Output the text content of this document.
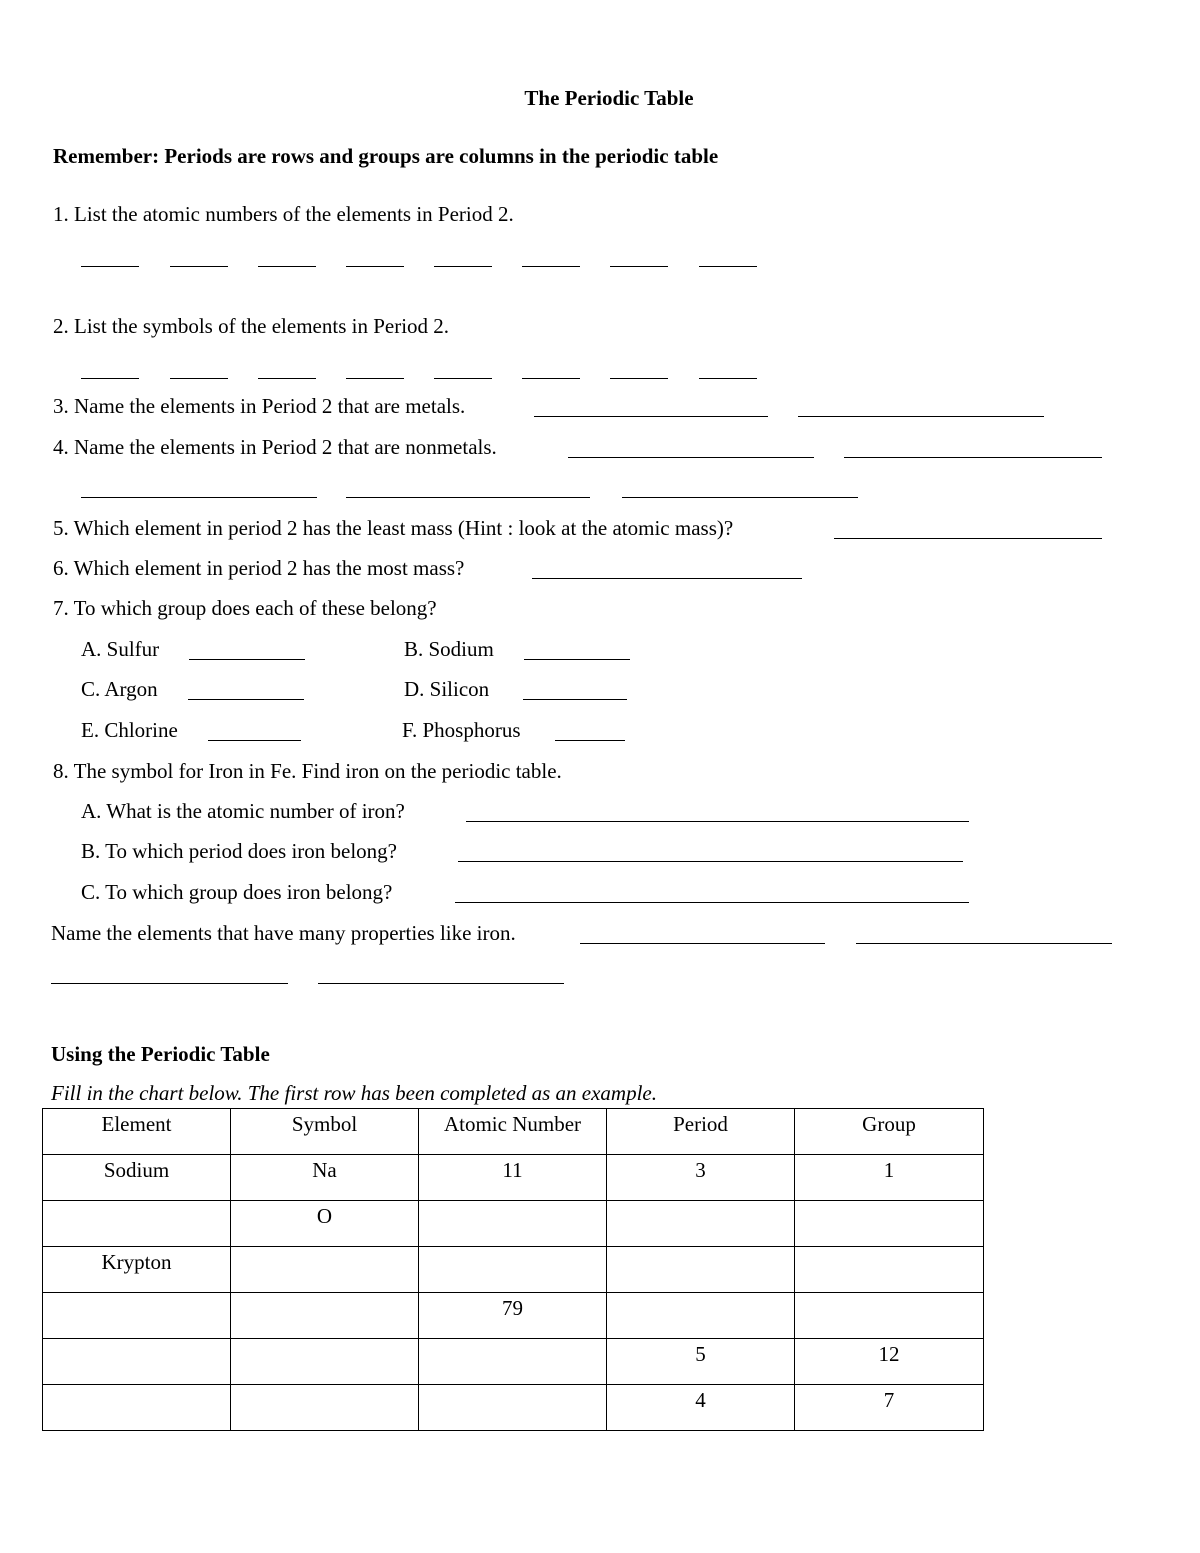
The Periodic Table
Remember: Periods are rows and groups are columns in the periodic table
1. List the atomic numbers of the elements in Period 2.
2. List the symbols of the elements in Period 2.
3. Name the elements in Period 2 that are metals.
4. Name the elements in Period 2 that are nonmetals.
5. Which element in period 2 has the least mass (Hint : look at the atomic mass)?
6. Which element in period 2 has the most mass?
7. To which group does each of these belong?
A. Sulfur	B. Sodium
C. Argon	D. Silicon
E. Chlorine	F. Phosphorus
8. The symbol for Iron in Fe. Find iron on the periodic table.
A. What is the atomic number of iron?
B. To which period does iron belong?
C. To which group does iron belong?
Name the elements that have many properties like iron.
Using the Periodic Table
Fill in the chart below. The first row has been completed as an example.
Element	Symbol	Atomic Number	Period	Group
Sodium	Na	11	3	1
	O			
Krypton				
		79		
			5	12
			4	7
